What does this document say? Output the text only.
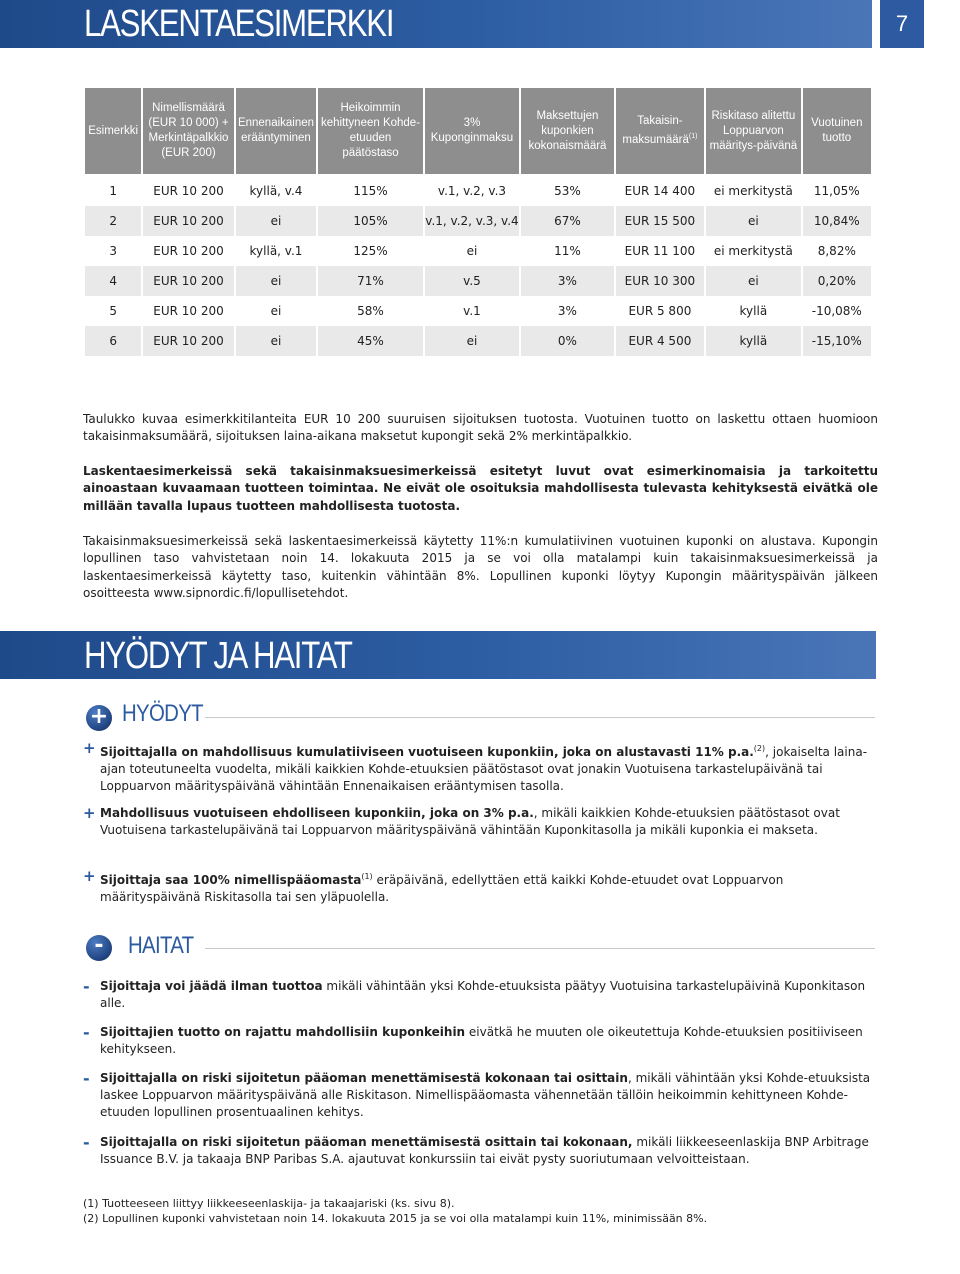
LASKENTAESIMERKKI	7
Esimerkki	Nimellismäärä (EUR 10 000) + Merkintäpalkkio (EUR 200)	Ennenaikainen erääntyminen	Heikoimmin kehittyneen Kohde-etuuden päätöstaso	3% Kuponginmaksu	Maksettujen kuponkien kokonaismäärä	Takaisin-maksumäärä$^{(1)}$	Riskitaso alitettu Loppuarvon määritys-päivänä	Vuotuinen tuotto

1	EUR 10 200	kyllä, v.4	115%	v.1, v.2, v.3	53%	EUR 14 400	ei merkitystä	11,05%
2	EUR 10 200	ei	105%	v.1, v.2, v.3, v.4	67%	EUR 15 500	ei	10,84%
3	EUR 10 200	kyllä, v.1	125%	ei	11%	EUR 11 100	ei merkitystä	8,82%
4	EUR 10 200	ei	71%	v.5	3%	EUR 10 300	ei	0,20%
5	EUR 10 200	ei	58%	v.1	3%	EUR 5 800	kyllä	-10,08%
6	EUR 10 200	ei	45%	ei	0%	EUR 4 500	kyllä	-15,10%
Taulukko kuvaa esimerkkitilanteita EUR 10 200 suuruisen sijoituksen tuotosta. Vuotuinen tuotto on laskettu ottaen huomioon takaisinmaksumäärä, sijoituksen laina-aikana maksetut kupongit sekä 2% merkintäpalkkio.
Laskentaesimerkeissä sekä takaisinmaksuesimerkeissä esitetyt luvut ovat esimerkinomaisia ja tarkoitettu ainoastaan kuvaamaan tuotteen toimintaa. Ne eivät ole osoituksia mahdollisesta tulevasta kehityksestä eivätkä ole millään tavalla lupaus tuotteen mahdollisesta tuotosta.
Takaisinmaksuesimerkeissä sekä laskentaesimerkeissä käytetty 11%:n kumulatiivinen vuotuinen kuponki on alustava. Kupongin lopullinen taso vahvistetaan noin 14. lokakuuta 2015 ja se voi olla matalampi kuin takaisinmaksuesimerkeissä ja laskentaesimerkeissä käytetty taso, kuitenkin vähintään 8%. Lopullinen kuponki löytyy Kupongin määrityspäivän jälkeen osoitteesta www.sipnordic.fi/lopullisetehdot.
HYÖDYT JA HAITAT
+ HYÖDYT
+ Sijoittajalla on mahdollisuus kumulatiiviseen vuotuiseen kuponkiin, joka on alustavasti 11% p.a.$^{(2)}$, jokaiselta laina-ajan toteutuneelta vuodelta, mikäli kaikkien Kohde-etuuksien päätöstasot ovat jonakin Vuotuisena tarkastelupäivänä tai Loppuarvon määrityspäivänä vähintään Ennenaikaisen erääntymisen tasolla.
+ Mahdollisuus vuotuiseen ehdolliseen kuponkiin, joka on 3% p.a., mikäli kaikkien Kohde-etuuksien päätöstasot ovat Vuotuisena tarkastelupäivänä tai Loppuarvon määrityspäivänä vähintään Kuponkitasolla ja mikäli kuponkia ei makseta.
+ Sijoittaja saa 100% nimellispääomasta$^{(1)}$ eräpäivänä, edellyttäen että kaikki Kohde-etuudet ovat Loppuarvon määrityspäivänä Riskitasolla tai sen yläpuolella.
-	HAITAT
- Sijoittaja voi jäädä ilman tuottoa mikäli vähintään yksi Kohde-etuuksista päätyy Vuotuisina tarkastelupäivinä Kuponkitason alle.
- Sijoittajien tuotto on rajattu mahdollisiin kuponkeihin eivätkä he muuten ole oikeutettuja Kohde-etuuksien positiiviseen kehitykseen.
- Sijoittajalla on riski sijoitetun pääoman menettämisestä kokonaan tai osittain, mikäli vähintään yksi Kohde-etuuksista laskee Loppuarvon määrityspäivänä alle Riskitason. Nimellispääomasta vähennetään tällöin heikoimmin kehittyneen Kohde-etuuden lopullinen prosentuaalinen kehitys.
- Sijoittajalla on riski sijoitetun pääoman menettämisestä osittain tai kokonaan, mikäli liikkeeseenlaskija BNP Arbitrage Issuance B.V. ja takaaja BNP Paribas S.A. ajautuvat konkurssiin tai eivät pysty suoriutumaan velvoitteistaan.
(1) Tuotteeseen liittyy liikkeeseenlaskija- ja takaajariski (ks. sivu 8).
(2) Lopullinen kuponki vahvistetaan noin 14. lokakuuta 2015 ja se voi olla matalampi kuin 11%, minimissään 8%.
